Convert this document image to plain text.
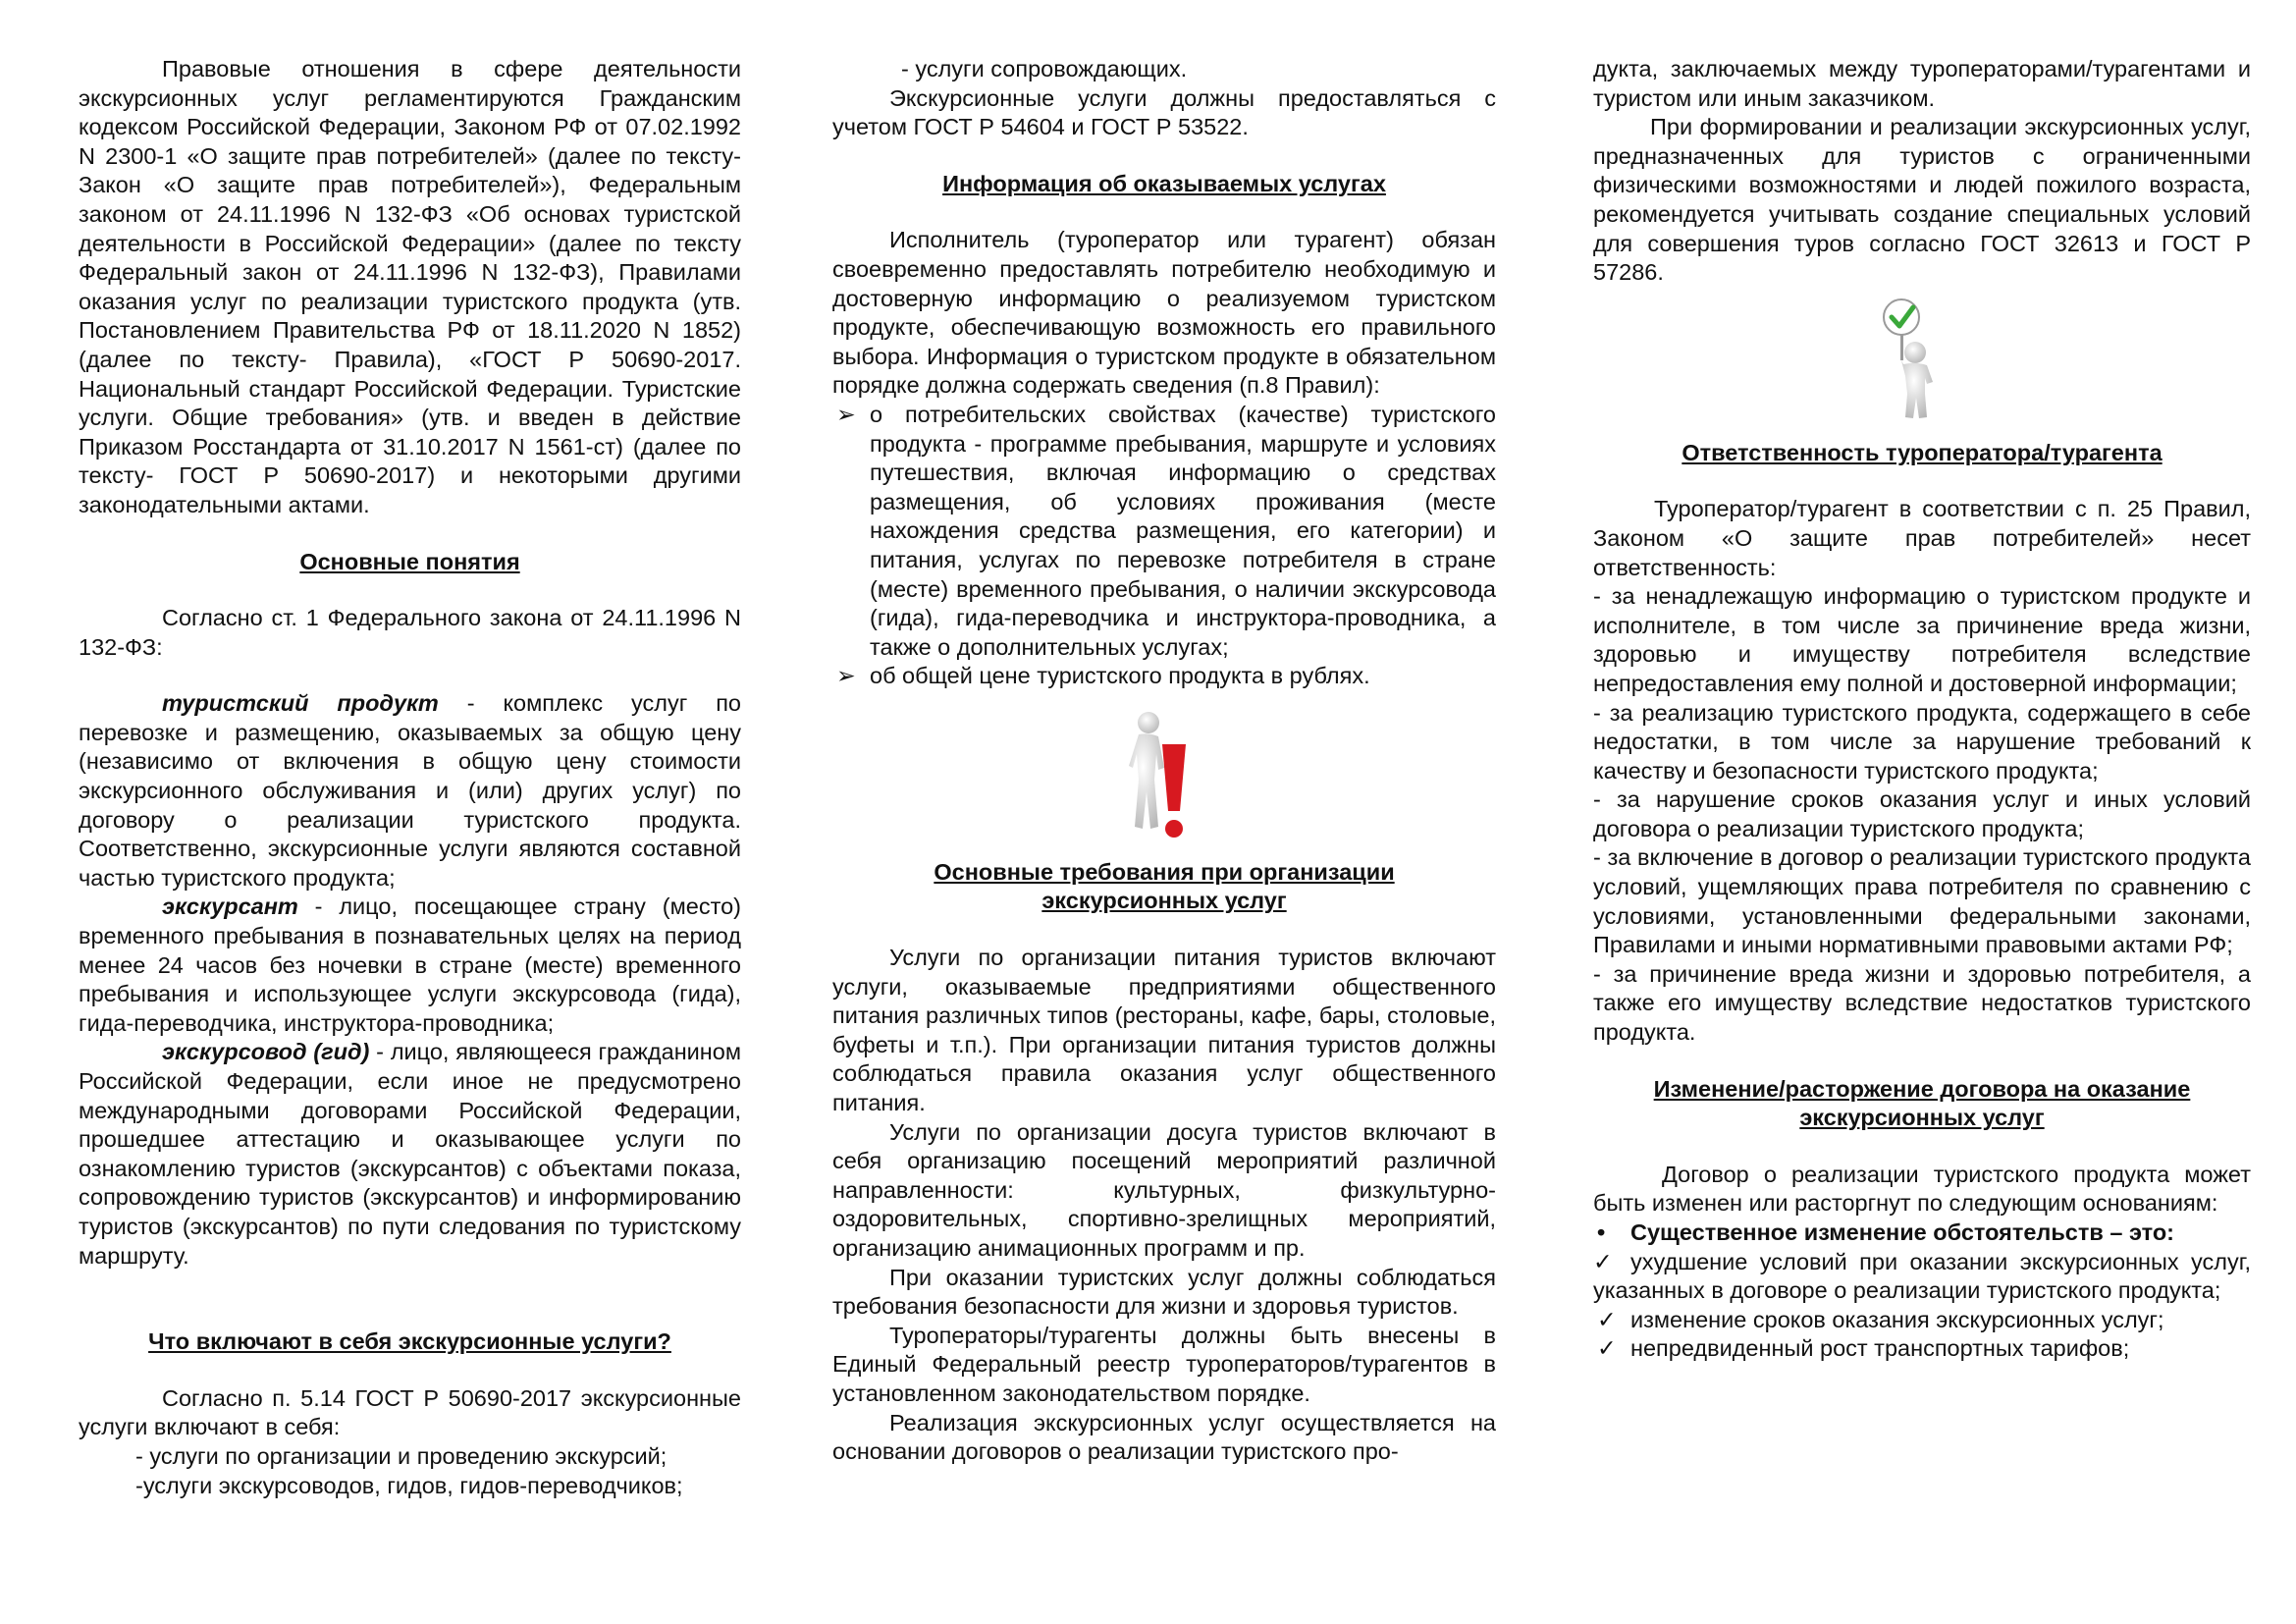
Правовые отношения в сфере деятельности экскурсионных услуг регламентируются Гражданским кодексом Российской Федерации, Законом РФ от 07.02.1992 N 2300-1 «О защите прав потребителей» (далее по тексту- Закон «О защите прав потребителей»), Федеральным законом от 24.11.1996 N 132-ФЗ «Об основах туристской деятельности в Российской Федерации» (далее по тексту Федеральный закон от 24.11.1996 N 132-ФЗ), Правилами оказания услуг по реализации туристского продукта (утв. Постановлением Правительства РФ от 18.11.2020 N 1852) (далее по тексту- Правила), «ГОСТ Р 50690-2017. Национальный стандарт Российской Федерации. Туристские услуги. Общие требования» (утв. и введен в действие Приказом Росстандарта от 31.10.2017 N 1561-ст) (далее по тексту- ГОСТ Р 50690-2017) и некоторыми другими законодательными актами.

Основные понятия

Согласно ст. 1 Федерального закона от 24.11.1996 N 132-ФЗ:

туристский продукт - комплекс услуг по перевозке и размещению, оказываемых за общую цену (независимо от включения в общую цену стоимости экскурсионного обслуживания и (или) других услуг) по договору о реализации туристского продукта. Соответственно, экскурсионные услуги являются составной частью туристского продукта;

экскурсант - лицо, посещающее страну (место) временного пребывания в познавательных целях на период менее 24 часов без ночевки в стране (месте) временного пребывания и использующее услуги экскурсовода (гида), гида-переводчика, инструктора-проводника;

экскурсовод (гид) - лицо, являющееся гражданином Российской Федерации, если иное не предусмотрено международными договорами Российской Федерации, прошедшее аттестацию и оказывающее услуги по ознакомлению туристов (экскурсантов) с объектами показа, сопровождению туристов (экскурсантов) и информированию туристов (экскурсантов) по пути следования по туристскому маршруту.

Что включают в себя экскурсионные услуги?

Согласно п. 5.14 ГОСТ Р 50690-2017 экскурсионные услуги включают в себя:

- услуги по организации и проведению экскурсий;

-услуги экскурсоводов, гидов, гидов-переводчиков;

- услуги сопровождающих.

Экскурсионные услуги должны предоставляться с учетом ГОСТ Р 54604 и ГОСТ Р 53522.

Информация об оказываемых услугах

Исполнитель (туроператор или турагент) обязан своевременно предоставлять потребителю необходимую и достоверную информацию о реализуемом туристском продукте, обеспечивающую возможность его правильного выбора. Информация о туристском продукте в обязательном порядке должна содержать сведения (п.8 Правил):

➢ о потребительских свойствах (качестве) туристского продукта - программе пребывания, маршруте и условиях путешествия, включая информацию о средствах размещения, об условиях проживания (месте нахождения средства размещения, его категории) и питания, услугах по перевозке потребителя в стране (месте) временного пребывания, о наличии экскурсовода (гида), гида-переводчика и инструктора-проводника, а также о дополнительных услугах;
➢ об общей цене туристского продукта в рублях.

Основные требования при организации

экскурсионных услуг

Услуги по организации питания туристов включают услуги, оказываемые предприятиями общественного питания различных типов (рестораны, кафе, бары, столовые, буфеты и т.п.). При организации питания туристов должны соблюдаться правила оказания услуг общественного питания.

Услуги по организации досуга туристов включают в себя организацию посещений мероприятий различной направленности: культурных, физкультурно-оздоровительных, спортивно-зрелищных мероприятий, организацию анимационных программ и пр.

При оказании туристских услуг должны соблюдаться требования безопасности для жизни и здоровья туристов.

Туроператоры/турагенты должны быть внесены в Единый Федеральный реестр туроператоров/турагентов в установленном законодательством порядке.

Реализация экскурсионных услуг осуществляется на основании договоров о реализации туристского про-

дукта, заключаемых между туроператорами/турагентами и туристом или иным заказчиком.

При формировании и реализации экскурсионных услуг, предназначенных для туристов с ограниченными физическими возможностями и людей пожилого возраста, рекомендуется учитывать создание специальных условий для совершения туров согласно ГОСТ 32613 и ГОСТ Р 57286.

Ответственность туроператора/турагента

Туроператор/турагент в соответствии с п. 25 Правил, Законом «О защите прав потребителей» несет ответственность:

- за ненадлежащую информацию о туристском продукте и исполнителе, в том числе за причинение вреда жизни, здоровью и имуществу потребителя вследствие непредоставления ему полной и достоверной информации;

- за реализацию туристского продукта, содержащего в себе недостатки, в том числе за нарушение требований к качеству и безопасности туристского продукта;

- за нарушение сроков оказания услуг и иных условий договора о реализации туристского продукта;

- за включение в договор о реализации туристского продукта условий, ущемляющих права потребителя по сравнению с условиями, установленными федеральными законами, Правилами и иными нормативными правовыми актами РФ;

- за причинение вреда жизни и здоровью потребителя, а также его имуществу вследствие недостатков туристского продукта.

Изменение/расторжение договора на оказание

экскурсионных услуг

Договор о реализации туристского продукта может быть изменен или расторгнут по следующим основаниям:

• Существенное изменение обстоятельств – это:

✓ ухудшение условий при оказании экскурсионных услуг, указанных в договоре о реализации туристского продукта;

✓ изменение сроков оказания экскурсионных услуг;
✓ непредвиденный рост транспортных тарифов;
